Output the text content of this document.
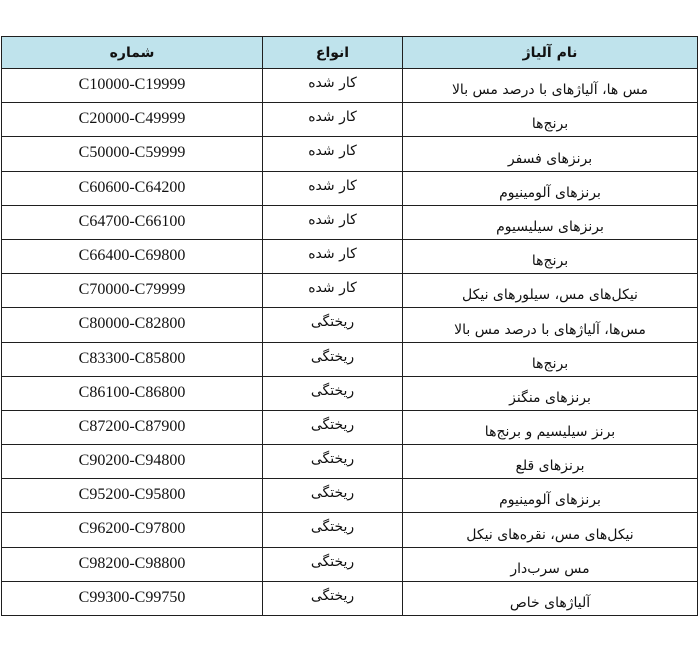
نام آلیاژ	انواع	شماره
مس ها، آلیاژهای با درصد مس بالا	کار شده	C10000-C19999
برنج‌ها	کار شده	C20000-C49999
برنزهای فسفر	کار شده	C50000-C59999
برنزهای آلومینیوم	کار شده	C60600-C64200
برنزهای سیلیسیوم	کار شده	C64700-C66100
برنج‌ها	کار شده	C66400-C69800
نیکل‌های مس، سیلورهای نیکل	کار شده	C70000-C79999
مس‌ها، آلیاژهای با درصد مس بالا	ریختگی	C80000-C82800
برنج‌ها	ریختگی	C83300-C85800
برنزهای منگنز	ریختگی	C86100-C86800
برنز سیلیسیم و برنج‌ها	ریختگی	C87200-C87900
برنزهای قلع	ریختگی	C90200-C94800
برنزهای آلومینیوم	ریختگی	C95200-C95800
نیکل‌های مس، نقره‌های نیکل	ریختگی	C96200-C97800
مس سرب‌دار	ریختگی	C98200-C98800
آلیاژهای خاص	ریختگی	C99300-C99750
